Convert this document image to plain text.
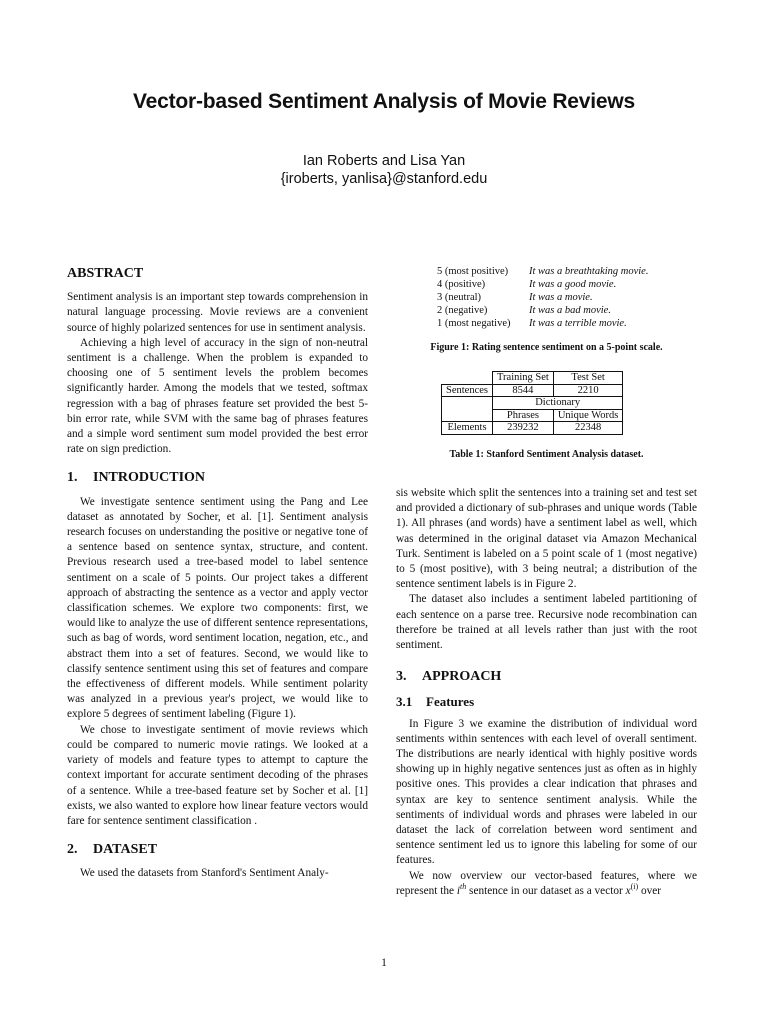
Vector-based Sentiment Analysis of Movie Reviews
Ian Roberts and Lisa Yan
{iroberts, yanlisa}@stanford.edu
ABSTRACT

Sentiment analysis is an important step towards comprehension in natural language processing. Movie reviews are a convenient source of highly polarized sentences for use in sentiment analysis.

Achieving a high level of accuracy in the sign of non-neutral sentiment is a challenge. When the problem is expanded to choosing one of 5 sentiment levels the problem becomes significantly harder. Among the models that we tested, softmax regression with a bag of phrases feature set provided the best 5-bin error rate, while SVM with the same bag of phrases features and a simple word sentiment sum model provided the best error rate on sign prediction.

1. INTRODUCTION

We investigate sentence sentiment using the Pang and Lee dataset as annotated by Socher, et al. [1]. Sentiment analysis research focuses on understanding the positive or negative tone of a sentence based on sentence syntax, structure, and content. Previous research used a tree-based model to label sentence sentiment on a scale of 5 points. Our project takes a different approach of abstracting the sentence as a vector and apply vector classification schemes. We explore two components: first, we would like to analyze the use of different sentence representations, such as bag of words, word sentiment location, negation, etc., and abstract them into a set of features. Second, we would like to classify sentence sentiment using this set of features and compare the effectiveness of different models. While sentiment polarity was analyzed in a previous year's project, we would like to explore 5 degrees of sentiment labeling (Figure 1).

We chose to investigate sentiment of movie reviews which could be compared to numeric movie ratings. We looked at a variety of models and feature types to attempt to capture the context important for accurate sentiment decoding of the phrases of a sentence. While a tree-based feature set by Socher et al. [1] exists, we also wanted to explore how linear feature vectors would fare for sentence sentiment classification .

2. DATASET

We used the datasets from Stanford's Sentiment Analy-

5 (most positive)	It was a breathtaking movie.
4 (positive)	It was a good movie.
3 (neutral)	It was a movie.
2 (negative)	It was a bad movie.
1 (most negative)	It was a terrible movie.
Figure 1: Rating sentence sentiment on a 5-point scale.
	Training Set	Test Set
Sentences	8544	2210
	Dictionary	
	Phrases	Unique Words
Elements	239232	22348
Table 1: Stanford Sentiment Analysis dataset.

sis website which split the sentences into a training set and test set and provided a dictionary of sub-phrases and unique words (Table 1). All phrases (and words) have a sentiment label as well, which was determined in the original dataset via Amazon Mechanical Turk. Sentiment is labeled on a 5 point scale of 1 (most negative) to 5 (most positive), with 3 being neutral; a distribution of the sentence sentiment labels is in Figure 2.

The dataset also includes a sentiment labeled partitioning of each sentence on a parse tree. Recursive node recombination can therefore be trained at all levels rather than just with the root sentiment.

3. APPROACH
3.1 Features

In Figure 3 we examine the distribution of individual word sentiments within sentences with each level of overall sentiment. The distributions are nearly identical with highly positive words showing up in highly negative sentences just as often as in highly positive ones. This provides a clear indication that phrases and syntax are key to sentence sentiment analysis. While the sentiments of individual words and phrases were labeled in our dataset the lack of correlation between word sentiment and sentence sentiment led us to ignore this labeling for some of our features.

We now overview our vector-based features, where we represent the $i^{th}$ sentence in our dataset as a vector $x^{(i)}$ over

1
